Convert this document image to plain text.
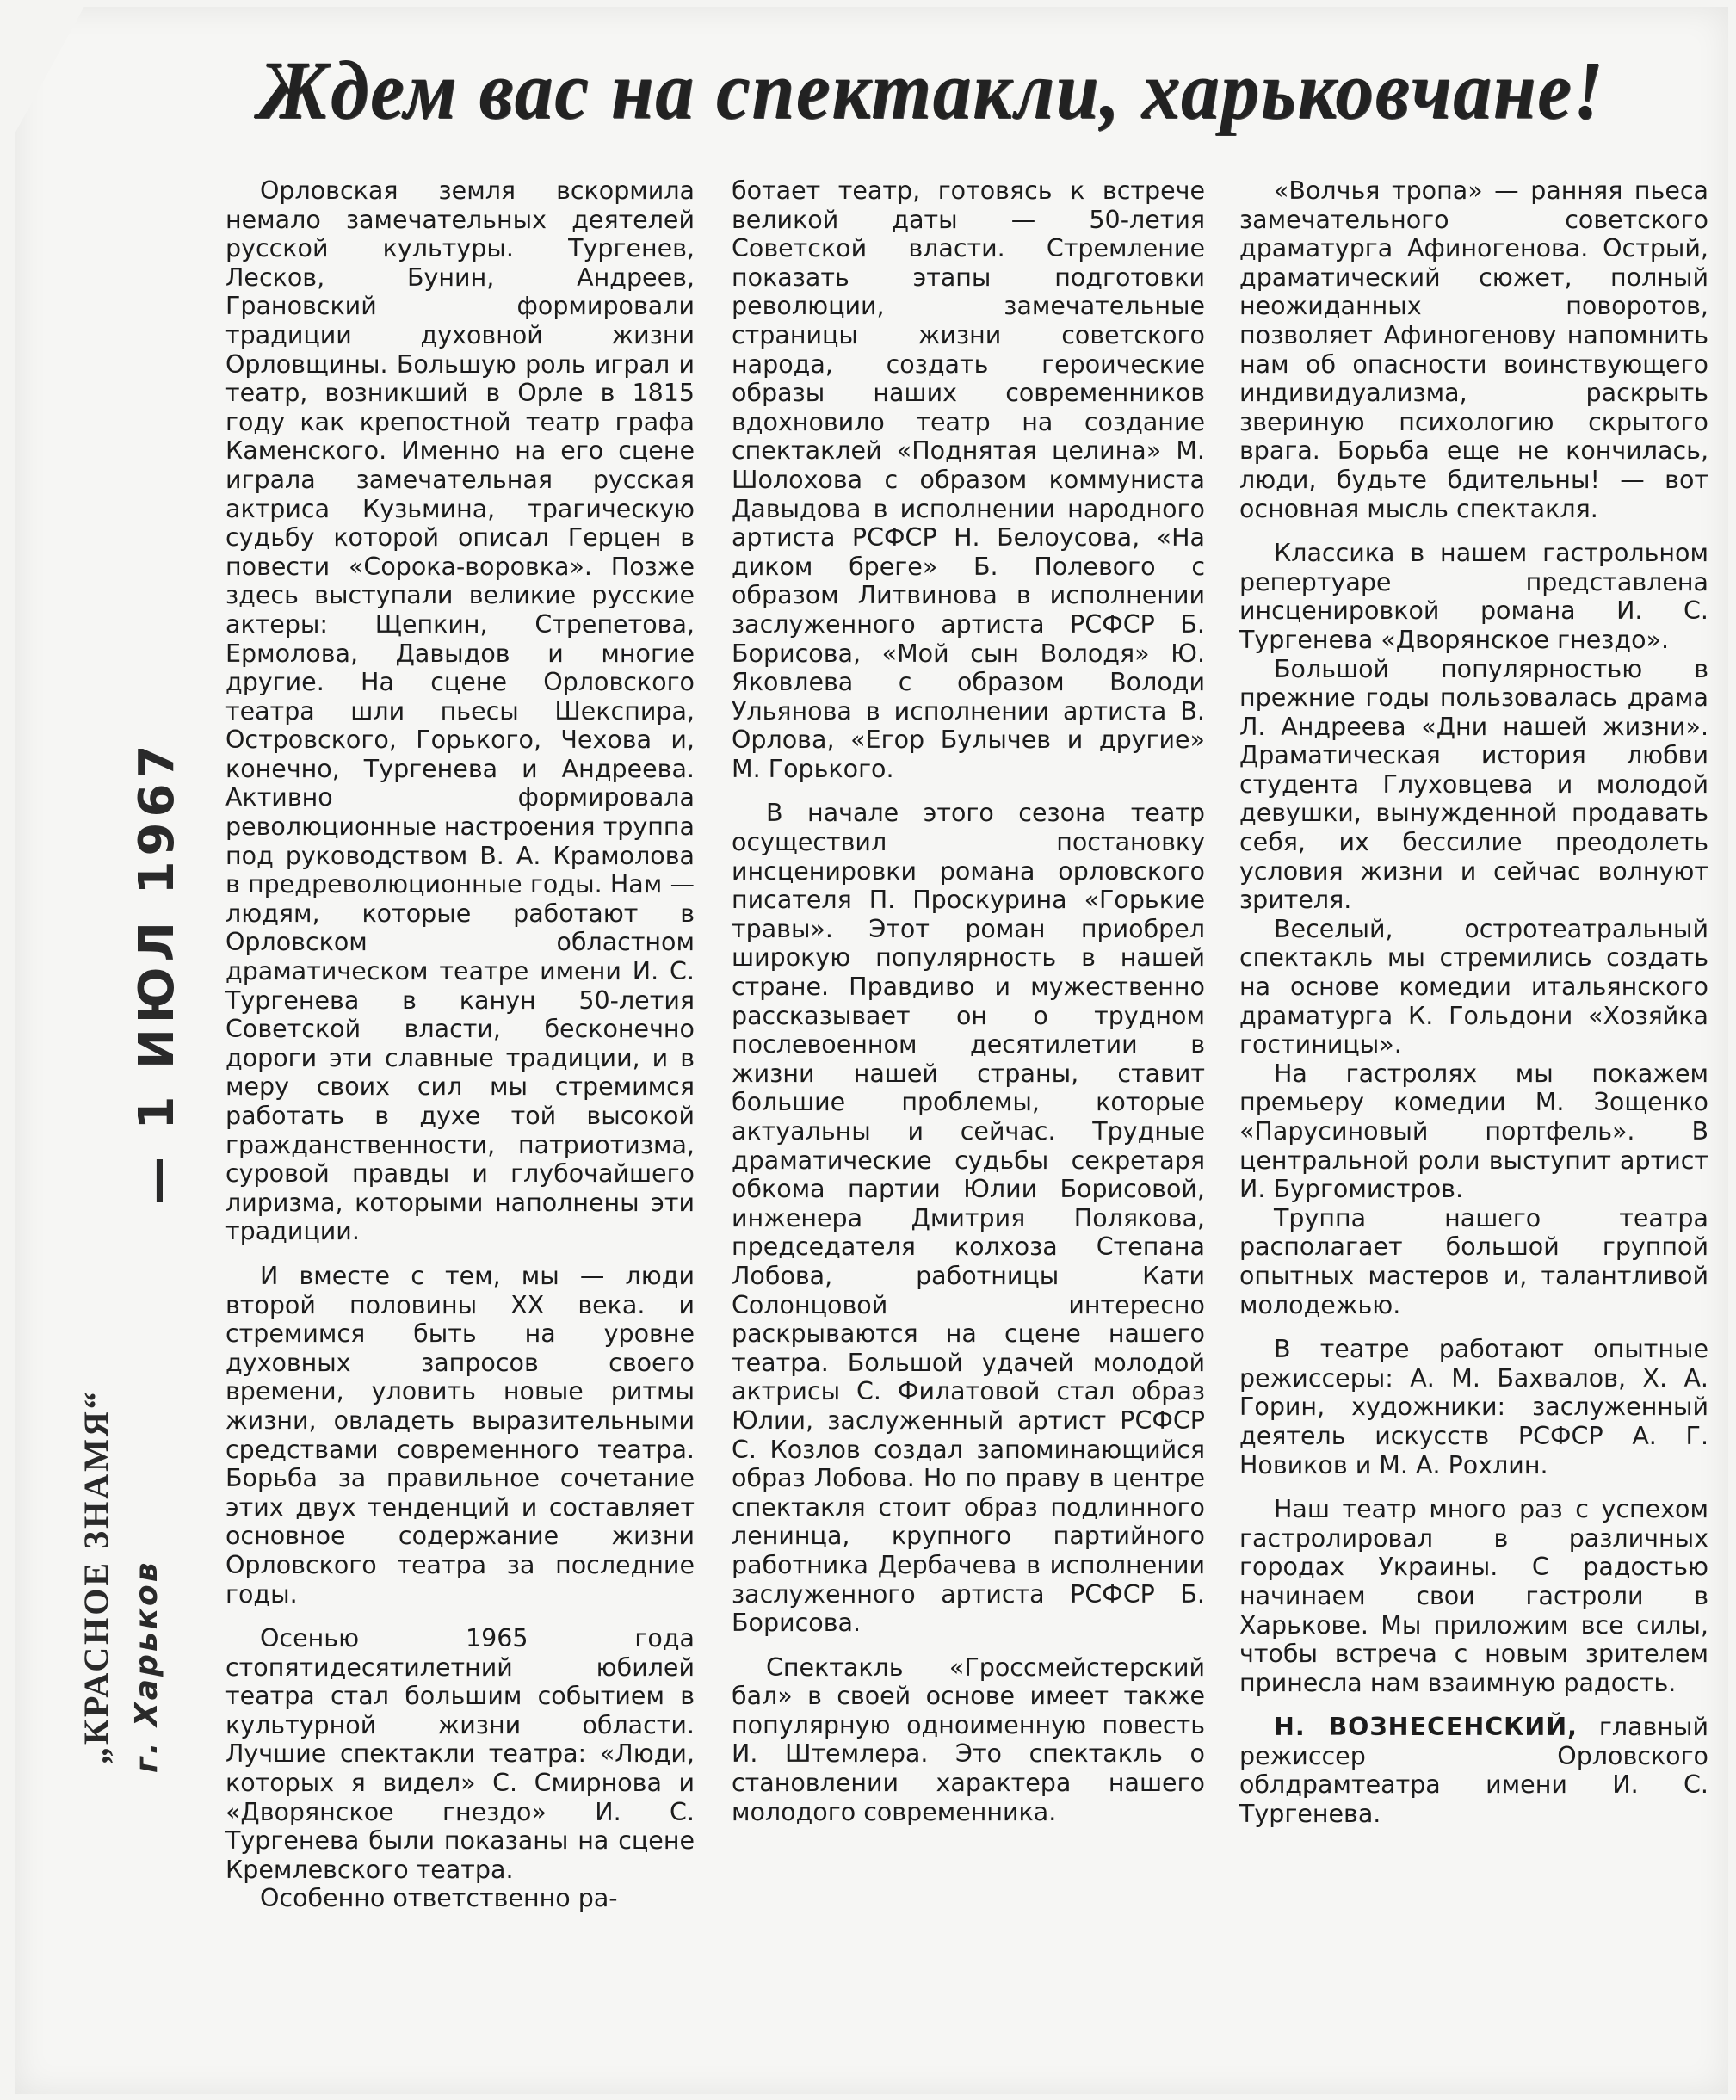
Ждем вас на спектакли, харьковчане!
— 1 ИЮЛ 1967
„КРАСНОЕ ЗНАМЯ“ г. Харьков

Орловская земля вскормила немало замечательных деятелей русской культуры. Тургенев, Лесков, Бунин, Андреев, Грановский формировали традиции духовной жизни Орловщины. Большую роль играл и театр, возникший в Орле в 1815 году как крепостной театр графа Каменского. Именно на его сцене играла замечательная русская актриса Кузьмина, трагическую судьбу которой описал Герцен в повести «Сорока-воровка». Позже здесь выступали великие русские актеры: Щепкин, Стрепетова, Ермолова, Давыдов и многие другие. На сцене Орловского театра шли пьесы Шекспира, Островского, Горького, Чехова и, конечно, Тургенева и Андреева. Активно формировала революционные настроения труппа под руководством В. А. Крамолова в предреволюционные годы. Нам — людям, которые работают в Орловском областном драматическом театре имени И. С. Тургенева в канун 50-летия Советской власти, бесконечно дороги эти славные традиции, и в меру своих сил мы стремимся работать в духе той высокой гражданственности, патриотизма, суровой правды и глубочайшего лиризма, которыми наполнены эти традиции.

И вместе с тем, мы — люди второй половины XX века. и стремимся быть на уровне духовных запросов своего времени, уловить новые ритмы жизни, овладеть выразительными средствами современного театра. Борьба за правильное сочетание этих двух тенденций и составляет основное содержание жизни Орловского театра за последние годы.

Осенью 1965 года стопятидесятилетний юбилей театра стал большим событием в культурной жизни области. Лучшие спектакли театра: «Люди, которых я видел» С. Смирнова и «Дворянское гнездо» И. С. Тургенева были показаны на сцене Кремлевского театра.

Особенно ответственно ра-

ботает театр, готовясь к встрече великой даты — 50-летия Советской власти. Стремление показать этапы подготовки революции, замечательные страницы жизни советского народа, создать героические образы наших современников вдохновило театр на создание спектаклей «Поднятая целина» М. Шолохова с образом коммуниста Давыдова в исполнении народного артиста РСФСР Н. Белоусова, «На диком бреге» Б. Полевого с образом Литвинова в исполнении заслуженного артиста РСФСР Б. Борисова, «Мой сын Володя» Ю. Яковлева с образом Володи Ульянова в исполнении артиста В. Орлова, «Егор Булычев и другие» М. Горького.

В начале этого сезона театр осуществил постановку инсценировки романа орловского писателя П. Проскурина «Горькие травы». Этот роман приобрел широкую популярность в нашей стране. Правдиво и мужественно рассказывает он о трудном послевоенном десятилетии в жизни нашей страны, ставит большие проблемы, которые актуальны и сейчас. Трудные драматические судьбы секретаря обкома партии Юлии Борисовой, инженера Дмитрия Полякова, председателя колхоза Степана Лобова, работницы Кати Солонцовой интересно раскрываются на сцене нашего театра. Большой удачей молодой актрисы С. Филатовой стал образ Юлии, заслуженный артист РСФСР С. Козлов создал запоминающийся образ Лобова. Но по праву в центре спектакля стоит образ подлинного ленинца, крупного партийного работника Дербачева в исполнении заслуженного артиста РСФСР Б. Борисова.

Спектакль «Гроссмейстерский бал» в своей основе имеет также популярную одноименную повесть И. Штемлера. Это спектакль о становлении характера нашего молодого современника.

«Волчья тропа» — ранняя пьеса замечательного советского драматурга Афиногенова. Острый, драматический сюжет, полный неожиданных поворотов, позволяет Афиногенову напомнить нам об опасности воинствующего индивидуализма, раскрыть звериную психологию скрытого врага. Борьба еще не кончилась, люди, будьте бдительны! — вот основная мысль спектакля.

Классика в нашем гастрольном репертуаре представлена инсценировкой романа И. С. Тургенева «Дворянское гнездо».

Большой популярностью в прежние годы пользовалась драма Л. Андреева «Дни нашей жизни». Драматическая история любви студента Глуховцева и молодой девушки, вынужденной продавать себя, их бессилие преодолеть условия жизни и сейчас волнуют зрителя.

Веселый, остротеатральный спектакль мы стремились создать на основе комедии итальянского драматурга К. Гольдони «Хозяйка гостиницы».

На гастролях мы покажем премьеру комедии М. Зощенко «Парусиновый портфель». В центральной роли выступит артист И. Бургомистров.

Труппа нашего театра располагает большой группой опытных мастеров и, талантливой молодежью.

В театре работают опытные режиссеры: А. М. Бахвалов, Х. А. Горин, художники: заслуженный деятель искусств РСФСР А. Г. Новиков и М. А. Рохлин.

Наш театр много раз с успехом гастролировал в различных городах Украины. С радостью начинаем свои гастроли в Харькове. Мы приложим все силы, чтобы встреча с новым зрителем принесла нам взаимную радость.

Н. ВОЗНЕСЕНСКИЙ, главный режиссер Орловского облдрамтеатра имени И. С. Тургенева.
